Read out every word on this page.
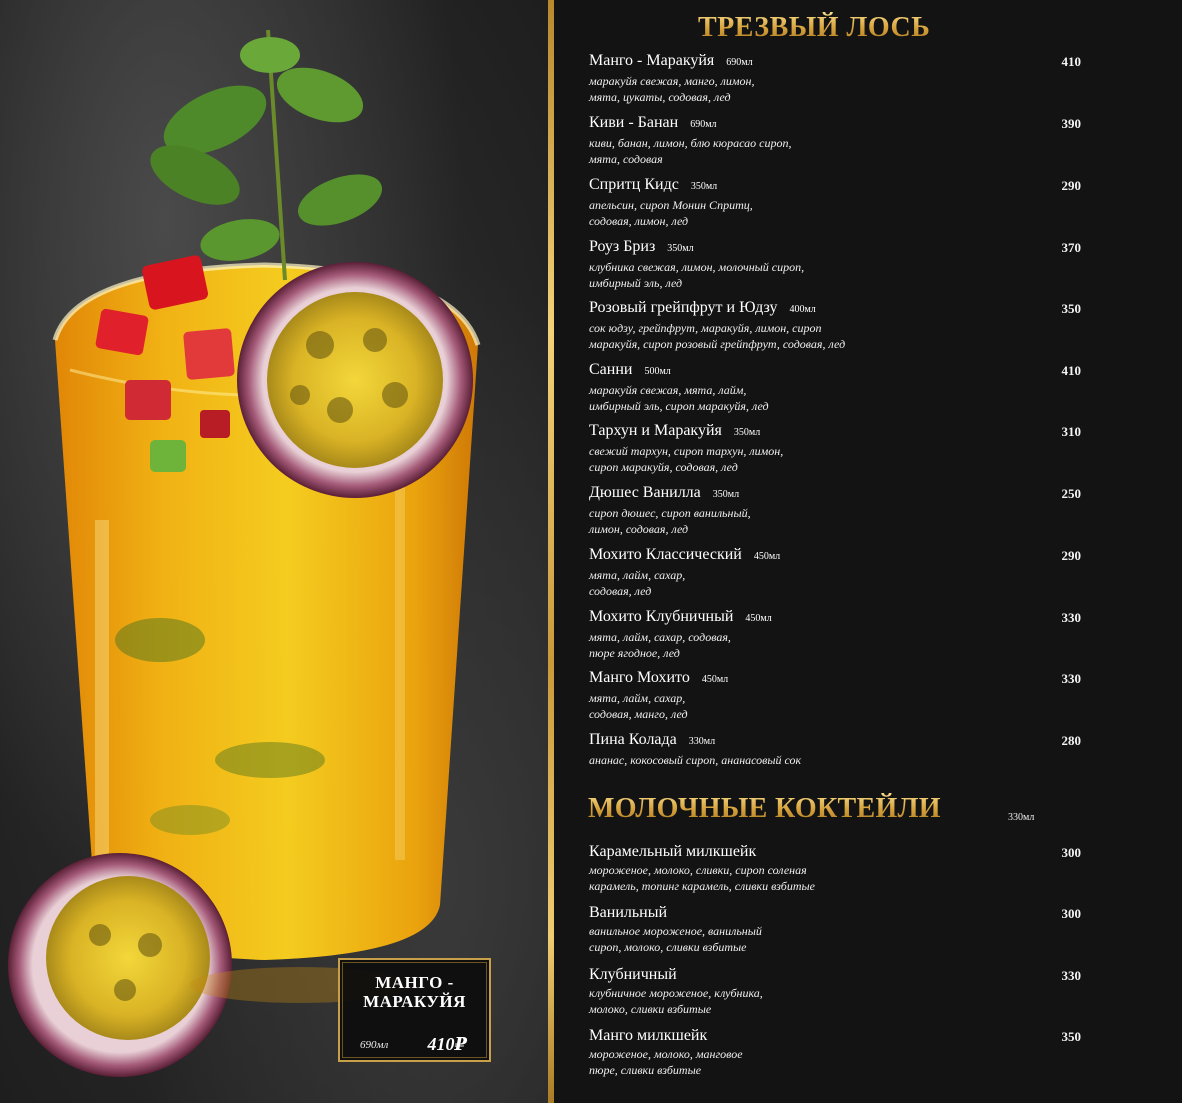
МАНГО -
МАРАКУЙЯ
690мл 410₽
ТРЕЗВЫЙ ЛОСЬ
Манго - Маракуйя 690мл
маракуйя свежая, манго, лимон,
мята, цукаты, содовая, лед
410
Киви - Банан 690мл
киви, банан, лимон, блю кюрасао сироп,
мята, содовая
390
Спритц Кидс 350мл
апельсин, сироп Монин Спритц,
содовая, лимон, лед
290
Роуз Бриз 350мл
клубника свежая, лимон, молочный сироп,
имбирный эль, лед
370
Розовый грейпфрут и Юдзу 400мл
сок юдзу, грейпфрут, маракуйя, лимон, сироп
маракуйя, сироп розовый грейпфрут, содовая, лед
350
Санни 500мл
маракуйя свежая, мята, лайм,
имбирный эль, сироп маракуйя, лед
410
Тархун и Маракуйя 350мл
свежий тархун, сироп тархун, лимон,
сироп маракуйя, содовая, лед
310
Дюшес Ванилла 350мл
сироп дюшес, сироп ванильный,
лимон, содовая, лед
250
Мохито Классический 450мл
мята, лайм, сахар,
содовая, лед
290
Мохито Клубничный 450мл
мята, лайм, сахар, содовая,
пюре ягодное, лед
330
Манго Мохито 450мл
мята, лайм, сахар,
содовая, манго, лед
330
Пина Колада 330мл
ананас, кокосовый сироп, ананасовый сок
280
МОЛОЧНЫЕ КОКТЕЙЛИ	330мл
Карамельный милкшейк
мороженое, молоко, сливки, сироп соленая
карамель, топинг карамель, сливки взбитые
300
Ванильный
ванильное мороженое, ванильный
сироп, молоко, сливки взбитые
300
Клубничный
клубничное мороженое, клубника,
молоко, сливки взбитые
330
Манго милкшейк
мороженое, молоко, манговое
пюре, сливки взбитые
350
